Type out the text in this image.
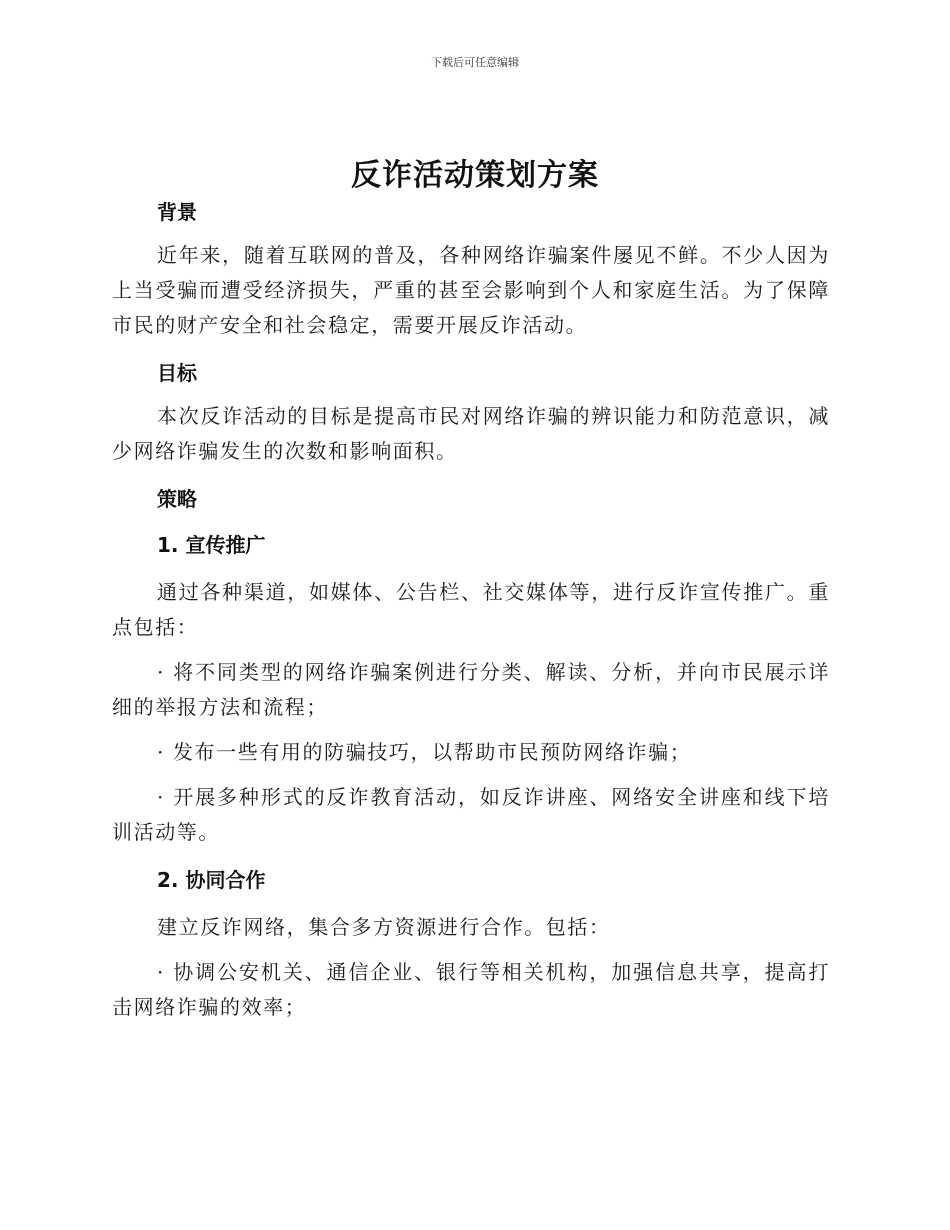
下载后可任意编辑
反诈活动策划方案

背景

近年来，随着互联网的普及，各种网络诈骗案件屡见不鲜。不少人因为上当受骗而遭受经济损失，严重的甚至会影响到个人和家庭生活。为了保障市民的财产安全和社会稳定，需要开展反诈活动。

目标

本次反诈活动的目标是提高市民对网络诈骗的辨识能力和防范意识，减少网络诈骗发生的次数和影响面积。

策略

1. 宣传推广

通过各种渠道，如媒体、公告栏、社交媒体等，进行反诈宣传推广。重点包括：

· 将不同类型的网络诈骗案例进行分类、解读、分析，并向市民展示详细的举报方法和流程；

· 发布一些有用的防骗技巧，以帮助市民预防网络诈骗；

· 开展多种形式的反诈教育活动，如反诈讲座、网络安全讲座和线下培训活动等。

2. 协同合作

建立反诈网络，集合多方资源进行合作。包括：

· 协调公安机关、通信企业、银行等相关机构，加强信息共享，提高打击网络诈骗的效率；
